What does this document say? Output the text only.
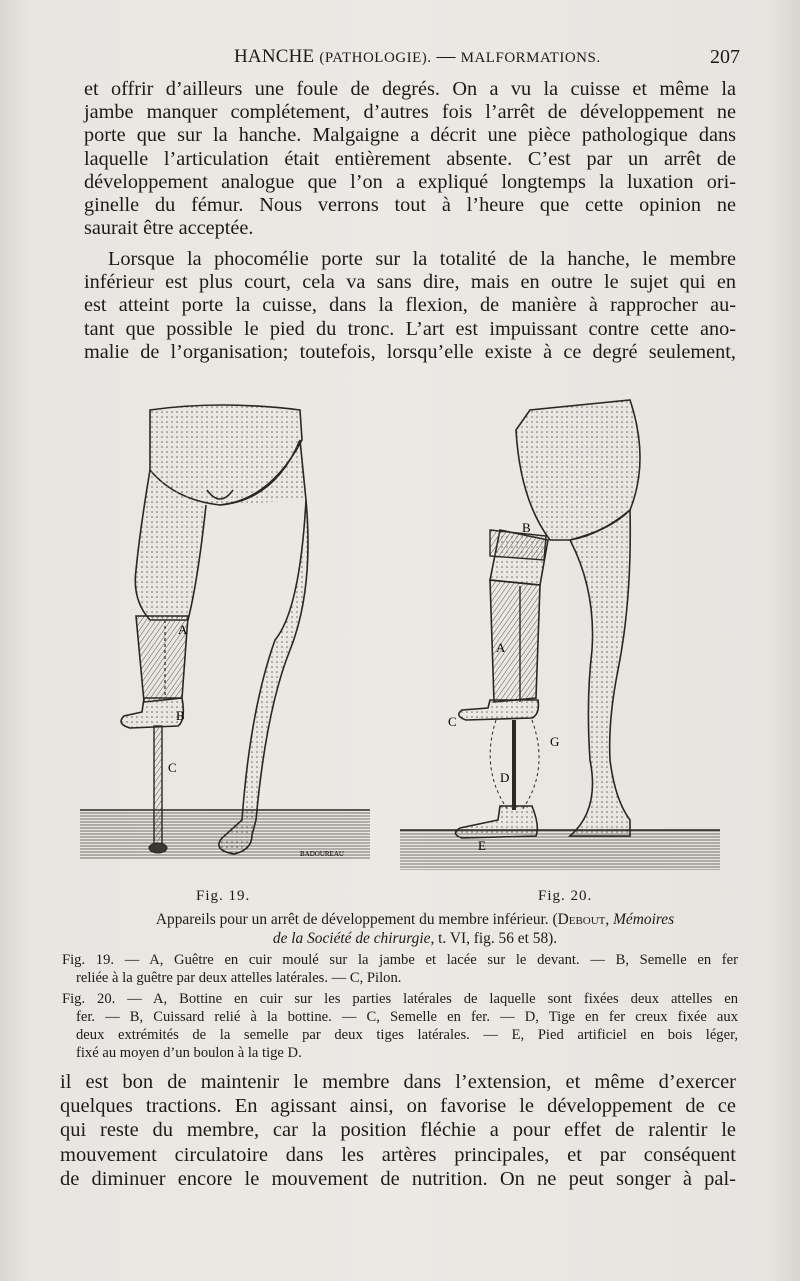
HANCHE (PATHOLOGIE). — MALFORMATIONS.	207
et offrir d’ailleurs une foule de degrés. On a vu la cuisse et même la
jambe manquer complétement, d’autres fois l’arrêt de développement ne
porte que sur la hanche. Malgaigne a décrit une pièce pathologique dans
laquelle l’articulation était entièrement absente. C’est par un arrêt de
développement analogue que l’on a expliqué longtemps la luxation ori-
ginelle du fémur. Nous verrons tout à l’heure que cette opinion ne
saurait être acceptée.
Lorsque la phocomélie porte sur la totalité de la hanche, le membre
inférieur est plus court, cela va sans dire, mais en outre le sujet qui en
est atteint porte la cuisse, dans la flexion, de manière à rapprocher au-
tant que possible le pied du tronc. L’art est impuissant contre cette ano-
malie de l’organisation; toutefois, lorsqu’elle existe à ce degré seulement,
A
B
C
BADOUREAU
B
A
C
G
D
E
Fig. 19.	Fig. 20.
Appareils pour un arrêt de développement du membre inférieur. (Debout, Mémoires
de la Société de chirurgie, t. VI, fig. 56 et 58).
Fig. 19. — A, Guêtre en cuir moulé sur la jambe et lacée sur le devant. — B, Semelle en fer
reliée à la guêtre par deux attelles latérales. — C, Pilon.
Fig. 20. — A, Bottine en cuir sur les parties latérales de laquelle sont fixées deux attelles en
fer. — B, Cuissard relié à la bottine. — C, Semelle en fer. — D, Tige en fer creux fixée aux
deux extrémités de la semelle par deux tiges latérales. — E, Pied artificiel en bois léger,
fixé au moyen d’un boulon à la tige D.
il est bon de maintenir le membre dans l’extension, et même d’exercer
quelques tractions. En agissant ainsi, on favorise le développement de ce
qui reste du membre, car la position fléchie a pour effet de ralentir le
mouvement circulatoire dans les artères principales, et par conséquent
de diminuer encore le mouvement de nutrition. On ne peut songer à pal-
